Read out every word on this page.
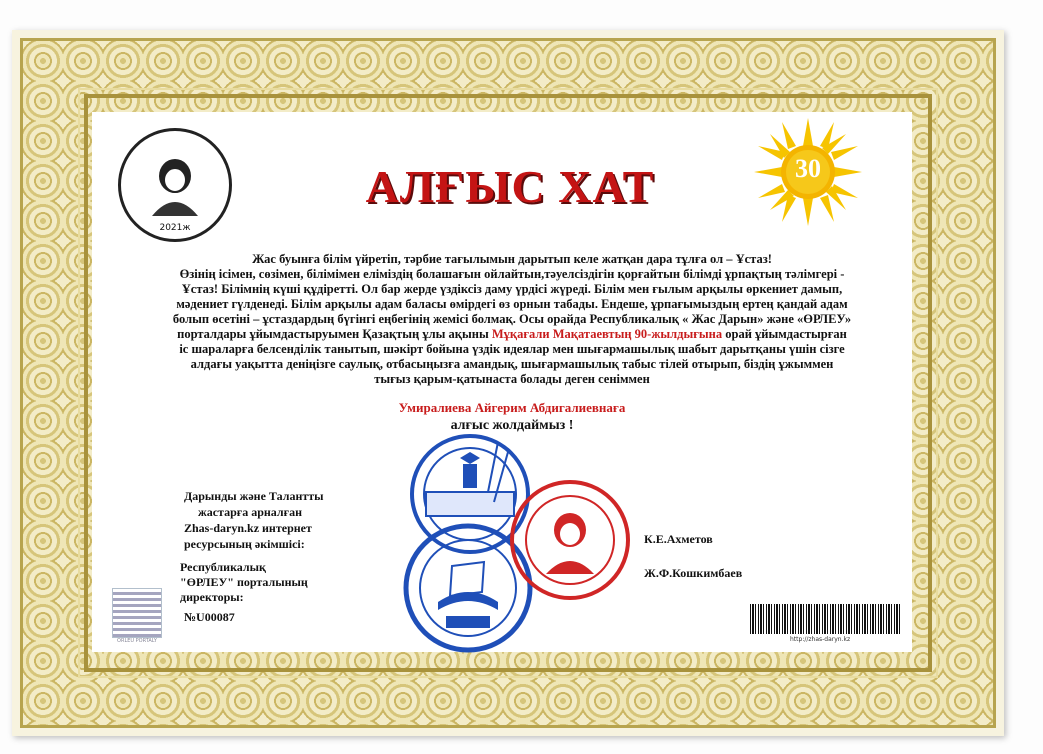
2021ж
30
АЛҒЫС ХАТ
Жас буынға білім үйретіп, тәрбие тағылымын дарытып келе жатқан дара тұлға ол – Ұстаз!
Өзінің ісімен, сөзімен, білімімен еліміздің болашағын ойлайтын,тәуелсіздігін қорғайтын білімді ұрпақтың тәлімгері -
Ұстаз! Білімнің күші құдіретті. Ол бар жерде үздіксіз даму үрдісі жүреді. Білім мен ғылым арқылы өркениет дамып,
мәдениет гүлденеді. Білім арқылы адам баласы өмірдегі өз орнын табады. Ендеше, ұрпағымыздың ертең қандай адам
болып өсетіні – ұстаздардың бүгінгі еңбегінің жемісі болмақ. Осы орайда Республикалық « Жас Дарын» және «ӨРЛЕУ»
порталдары ұйымдастыруымен Қазақтың ұлы ақыны Мұқағали Мақатаевтың 90-жылдығына орай ұйымдастырған
іс шараларға белсенділік танытып, шәкірт бойына үздік идеялар мен шығармашылық шабыт дарытқаны үшін сізге
алдағы уақытта деніңізге саулық, отбасыңызға амандық, шығармашылық табыс тілей отырып, біздің ұжыммен
тығыз қарым-қатынаста болады деген сеніммен
Умиралиева Айгерим Абдигалиевнаға
алғыс жолдаймыз !
Дарынды және Талантты
жастарға арналған
Zhas-daryn.kz интернет
ресурсының әкімшісі:
Республикалық
"ӨРЛЕУ" порталының
директоры:
№U00087
К.Е.Ахметов
Ж.Ф.Кошкимбаев
ORLEU PORTALY	http://zhas-daryn.kz
